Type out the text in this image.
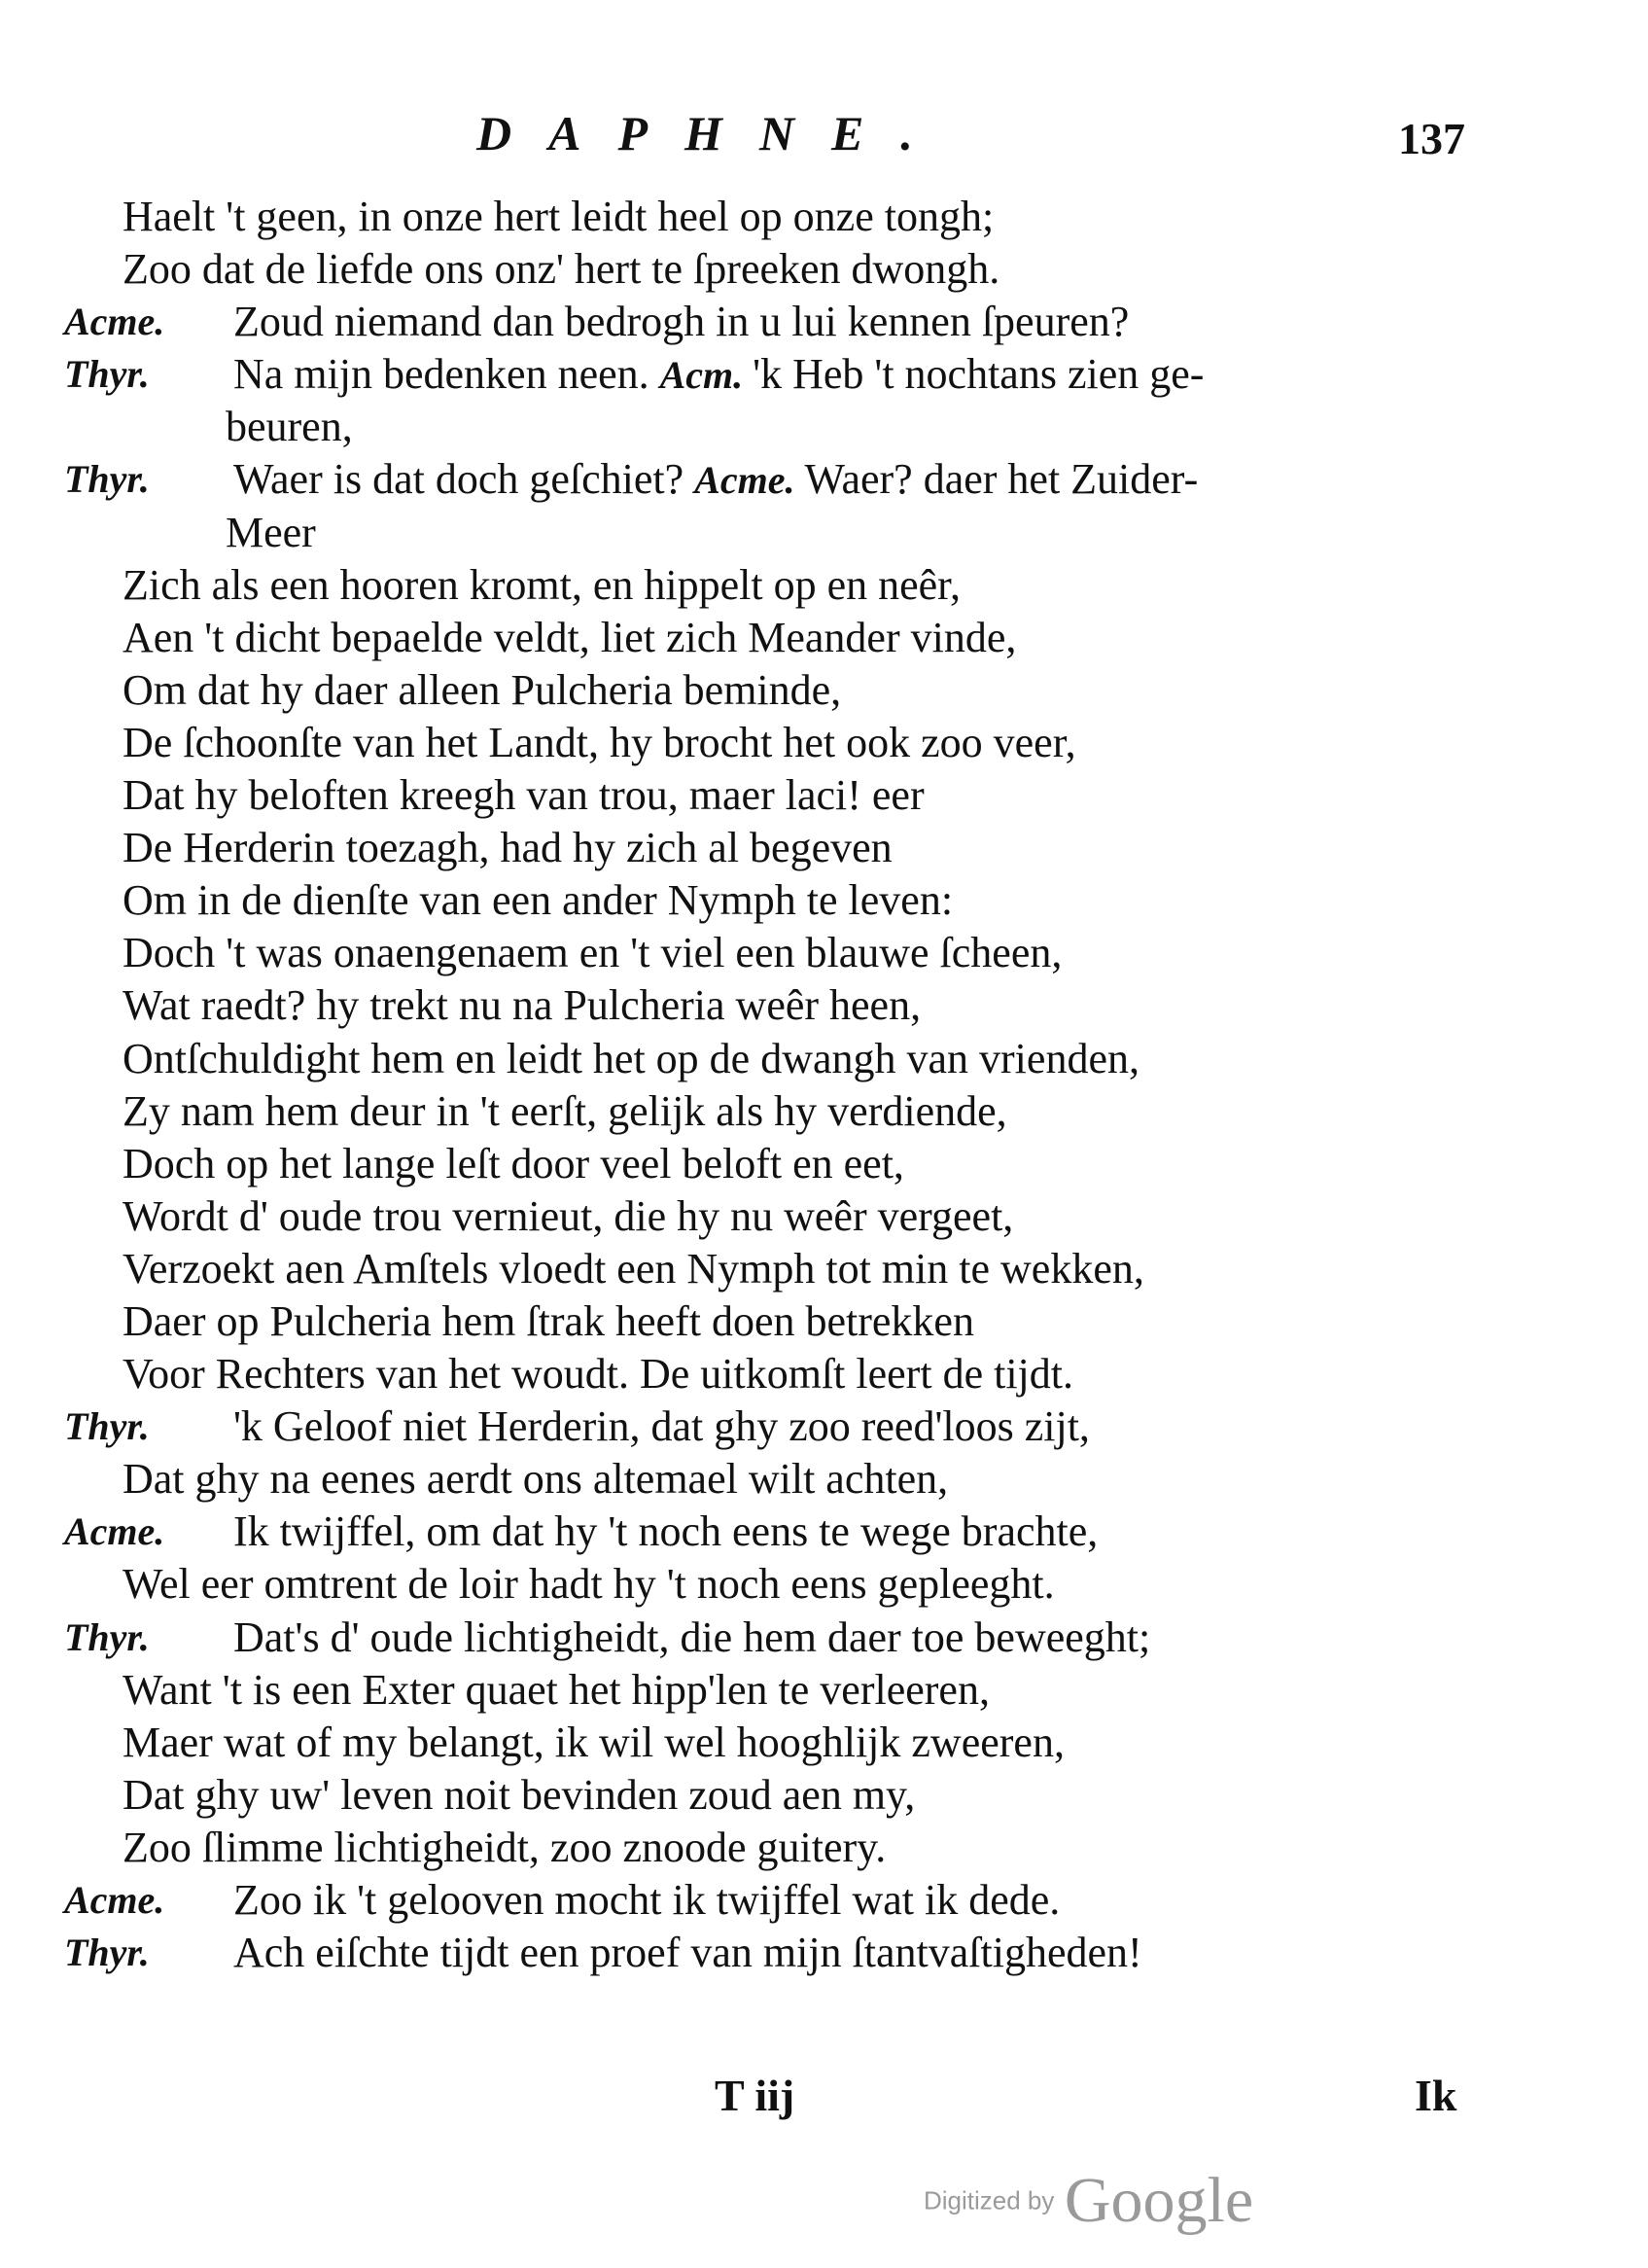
DAPHNE.	137
Haelt 't geen, in onze hert leidt heel op onze tongh;
Zoo dat de liefde ons onz' hert te ſpreeken dwongh.
Acme. Zoud niemand dan bedrogh in u lui kennen ſpeuren?
Thyr. Na mijn bedenken neen. Acm. 'k Heb 't nochtans zien ge-
beuren,
Thyr. Waer is dat doch geſchiet? Acme. Waer? daer het Zuider-
Meer
Zich als een hooren kromt, en hippelt op en neêr,
Aen 't dicht bepaelde veldt, liet zich Meander vinde,
Om dat hy daer alleen Pulcheria beminde,
De ſchoonſte van het Landt, hy brocht het ook zoo veer,
Dat hy beloften kreegh van trou, maer laci! eer
De Herderin toezagh, had hy zich al begeven
Om in de dienſte van een ander Nymph te leven:
Doch 't was onaengenaem en 't viel een blauwe ſcheen,
Wat raedt? hy trekt nu na Pulcheria weêr heen,
Ontſchuldight hem en leidt het op de dwangh van vrienden,
Zy nam hem deur in 't eerſt, gelijk als hy verdiende,
Doch op het lange leſt door veel beloft en eet,
Wordt d' oude trou vernieut, die hy nu weêr vergeet,
Verzoekt aen Amſtels vloedt een Nymph tot min te wekken,
Daer op Pulcheria hem ſtrak heeft doen betrekken
Voor Rechters van het woudt. De uitkomſt leert de tijdt.
Thyr. 'k Geloof niet Herderin, dat ghy zoo reed'loos zijt,
Dat ghy na eenes aerdt ons altemael wilt achten,
Acme. Ik twijffel, om dat hy 't noch eens te wege brachte,
Wel eer omtrent de loir hadt hy 't noch eens gepleeght.
Thyr. Dat's d' oude lichtigheidt, die hem daer toe beweeght;
Want 't is een Exter quaet het hipp'len te verleeren,
Maer wat of my belangt, ik wil wel hooghlijk zweeren,
Dat ghy uw' leven noit bevinden zoud aen my,
Zoo ſlimme lichtigheidt, zoo znoode guitery.
Acme. Zoo ik 't gelooven mocht ik twijffel wat ik dede.
Thyr. Ach eiſchte tijdt een proef van mijn ſtantvaſtigheden!
T iij	Ik
Digitized by Google
